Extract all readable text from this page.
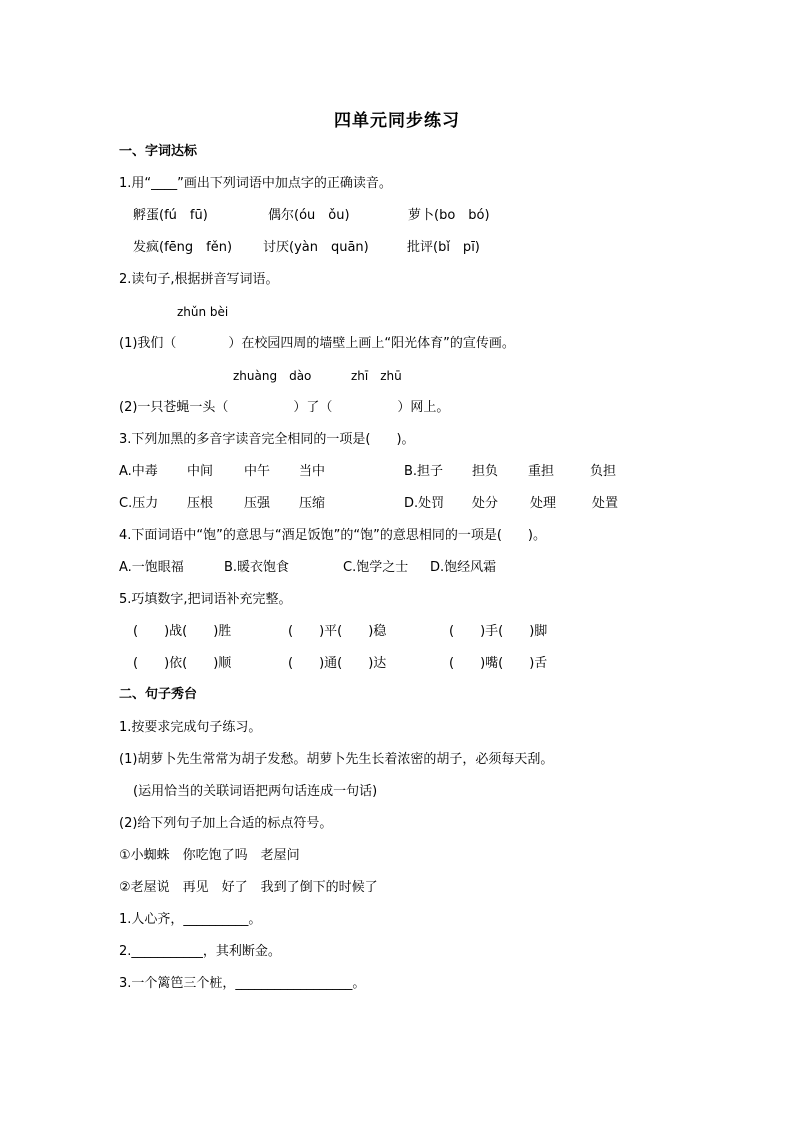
四单元同步练习
一、字词达标
1.用“____”画出下列词语中加点字的正确读音。
孵蛋(fú　fū)	偶尔(óu　ǒu)	萝卜(bo　bó)
发疯(fēng　fěn) 讨厌(yàn　quān)	批评(bǐ　pī)
2.读句子,根据拼音写词语。
zhǔn bèi
(1)我们（　　　　）在校园四周的墙壁上画上“阳光体育”的宣传画。
zhuàng　dào	zhī　zhū
(2)一只苍蝇一头（　　　　　）了（　　　　　）网上。
3.下列加黑的多音字读音完全相同的一项是(　　)。
A.中毒 中间 中午 当中	B.担子 担负 重担	负担
C.压力 压根 压强 压缩	D.处罚 处分 处理	处置
4.下面词语中“饱”的意思与“酒足饭饱”的“饱”的意思相同的一项是(　　)。
A.一饱眼福	B.暖衣饱食	C.饱学之士 D.饱经风霜
5.巧填数字,把词语补充完整。
(　　)战(　　)胜	(　　)平(　　)稳	(　　)手(　　)脚
(　　)依(　　)顺	(　　)通(　　)达	(　　)嘴(　　)舌
二、句子秀台
1.按要求完成句子练习。
(1)胡萝卜先生常常为胡子发愁。胡萝卜先生长着浓密的胡子，必须每天刮。
(运用恰当的关联词语把两句话连成一句话)
(2)给下列句子加上合适的标点符号。
①小蜘蛛　你吃饱了吗　老屋问
②老屋说　再见　好了　我到了倒下的时候了
1.人心齐，__________。
2.___________，其利断金。
3.一个篱笆三个桩，__________________。
